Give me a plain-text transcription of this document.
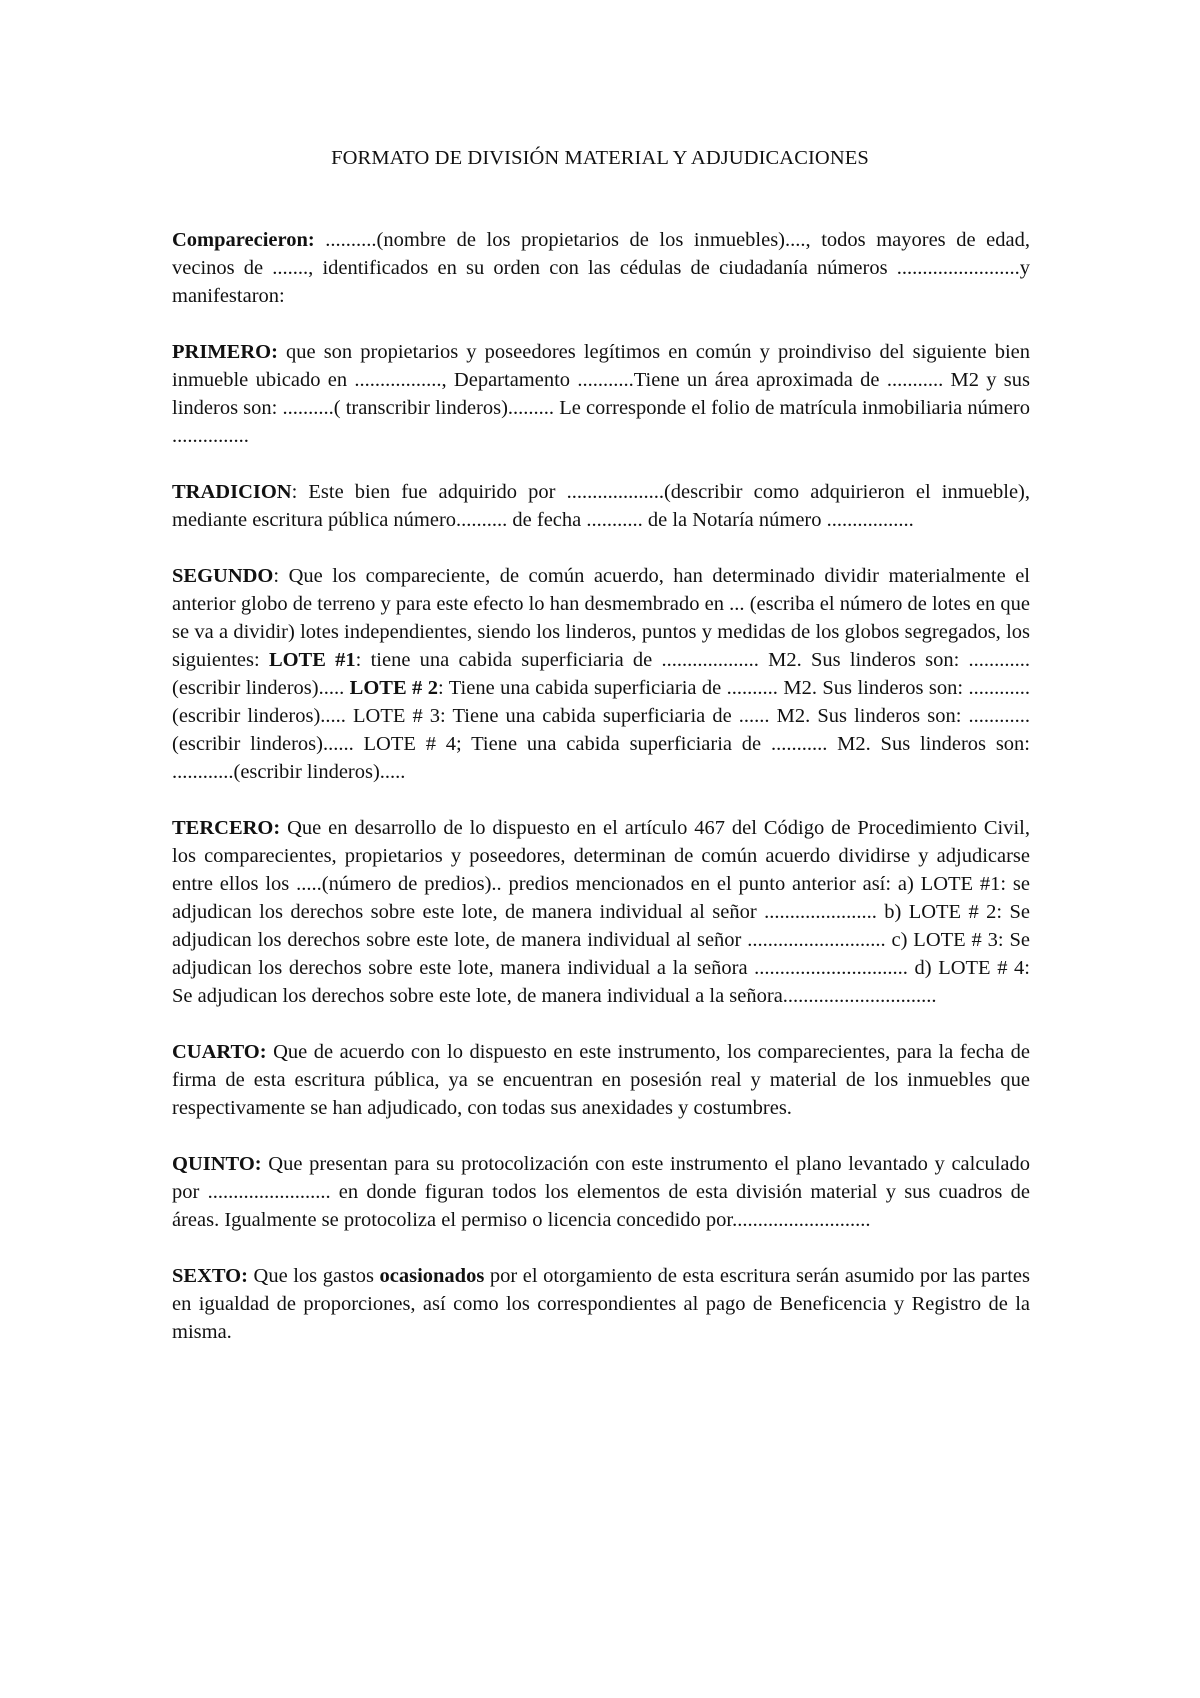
FORMATO DE DIVISIÓN MATERIAL Y ADJUDICACIONES

Comparecieron: ..........(nombre de los propietarios de los inmuebles)...., todos mayores de edad, vecinos de ......., identificados en su orden con las cédulas de ciudadanía números ........................y manifestaron:

PRIMERO: que son propietarios y poseedores legítimos en común y proindiviso del siguiente bien inmueble ubicado en ................., Departamento ...........Tiene un área aproximada de ........... M2 y sus linderos son: ..........( transcribir linderos)......... Le corresponde el folio de matrícula inmobiliaria número ...............

TRADICION: Este bien fue adquirido por ...................(describir como adquirieron el inmueble), mediante escritura pública número.......... de fecha ........... de la Notaría número .................

SEGUNDO: Que los compareciente, de común acuerdo, han determinado dividir materialmente el anterior globo de terreno y para este efecto lo han desmembrado en ... (escriba el número de lotes en que se va a dividir) lotes independientes, siendo los linderos, puntos y medidas de los globos segregados, los siguientes: LOTE #1: tiene una cabida superficiaria de ................... M2. Sus linderos son: ............(escribir linderos)..... LOTE # 2: Tiene una cabida superficiaria de .......... M2. Sus linderos son: ............(escribir linderos)..... LOTE # 3: Tiene una cabida superficiaria de ...... M2. Sus linderos son: ............(escribir linderos)...... LOTE # 4; Tiene una cabida superficiaria de ........... M2. Sus linderos son: ............(escribir linderos).....

TERCERO: Que en desarrollo de lo dispuesto en el artículo 467 del Código de Procedimiento Civil, los comparecientes, propietarios y poseedores, determinan de común acuerdo dividirse y adjudicarse entre ellos los .....(número de predios).. predios mencionados en el punto anterior así: a) LOTE #1: se adjudican los derechos sobre este lote, de manera individual al señor ...................... b) LOTE # 2: Se adjudican los derechos sobre este lote, de manera individual al señor ........................... c) LOTE # 3: Se adjudican los derechos sobre este lote, manera individual a la señora .............................. d) LOTE # 4: Se adjudican los derechos sobre este lote, de manera individual a la señora..............................

CUARTO: Que de acuerdo con lo dispuesto en este instrumento, los comparecientes, para la fecha de firma de esta escritura pública, ya se encuentran en posesión real y material de los inmuebles que respectivamente se han adjudicado, con todas sus anexidades y costumbres.

QUINTO: Que presentan para su protocolización con este instrumento el plano levantado y calculado por ........................ en donde figuran todos los elementos de esta división material y sus cuadros de áreas. Igualmente se protocoliza el permiso o licencia concedido por...........................

SEXTO: Que los gastos ocasionados por el otorgamiento de esta escritura serán asumido por las partes en igualdad de proporciones, así como los correspondientes al pago de Beneficencia y Registro de la misma.
